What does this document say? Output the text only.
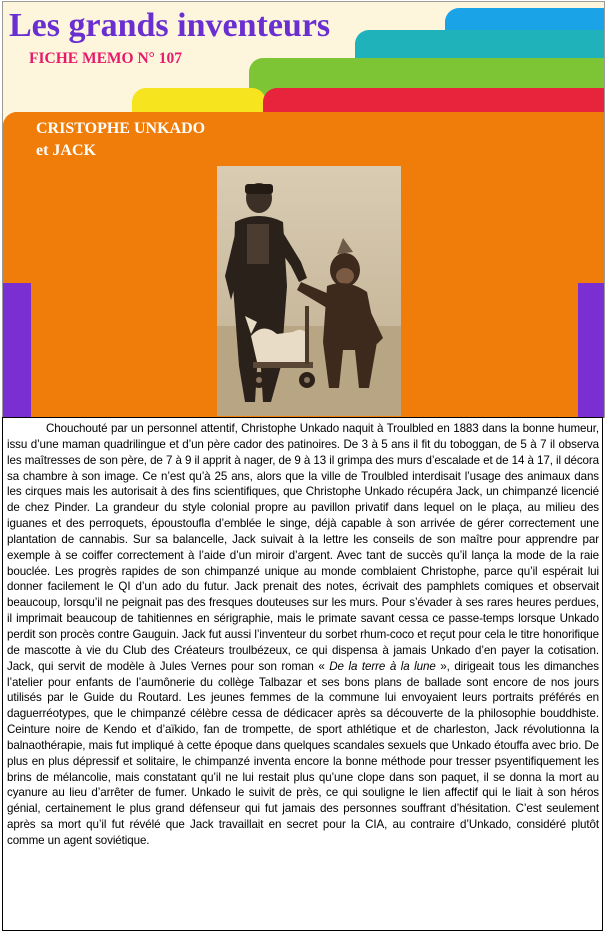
Les grands inventeurs
FICHE MEMO N° 107
CRISTOPHE UNKADO
et JACK

Chouchouté par un personnel attentif, Christophe Unkado naquit à Troulbled en 1883 dans la bonne humeur, issu d’une maman quadrilingue et d’un père cador des patinoires. De 3 à 5 ans il fit du toboggan, de 5 à 7 il observa les maîtresses de son père, de 7 à 9 il apprit à nager, de 9 à 13 il grimpa des murs d’escalade et de 14 à 17, il décora sa chambre à son image. Ce n’est qu’à 25 ans, alors que la ville de Troulbled interdisait l’usage des animaux dans les cirques mais les autorisait à des fins scientifiques, que Christophe Unkado récupéra Jack, un chimpanzé licencié de chez Pinder. La grandeur du style colonial propre au pavillon privatif dans lequel on le plaça, au milieu des iguanes et des perroquets, époustoufla d’emblée le singe, déjà capable à son arrivée de gérer correctement une plantation de cannabis. Sur sa balancelle, Jack suivait à la lettre les conseils de son maître pour apprendre par exemple à se coiffer correctement à l’aide d’un miroir d’argent. Avec tant de succès qu’il lança la mode de la raie bouclée. Les progrès rapides de son chimpanzé unique au monde comblaient Christophe, parce qu’il espérait lui donner facilement le QI d’un ado du futur. Jack prenait des notes, écrivait des pamphlets comiques et observait beaucoup, lorsqu’il ne peignait pas des fresques douteuses sur les murs. Pour s’évader à ses rares heures perdues, il imprimait beaucoup de tahitiennes en sérigraphie, mais le primate savant cessa ce passe-temps lorsque Unkado perdit son procès contre Gauguin. Jack fut aussi l’inventeur du sorbet rhum-coco et reçut pour cela le titre honorifique de mascotte à vie du Club des Créateurs troulbézeux, ce qui dispensa à jamais Unkado d’en payer la cotisation. Jack, qui servit de modèle à Jules Vernes pour son roman « De la terre à la lune », dirigeait tous les dimanches l’atelier pour enfants de l’aumônerie du collège Talbazar et ses bons plans de ballade sont encore de nos jours utilisés par le Guide du Routard. Les jeunes femmes de la commune lui envoyaient leurs portraits préférés en daguerréotypes, que le chimpanzé célèbre cessa de dédicacer après sa découverte de la philosophie bouddhiste. Ceinture noire de Kendo et d’aïkido, fan de trompette, de sport athlétique et de charleston, Jack révolutionna la balnaothérapie, mais fut impliqué à cette époque dans quelques scandales sexuels que Unkado étouffa avec brio. De plus en plus dépressif et solitaire, le chimpanzé inventa encore la bonne méthode pour tresser psyentifiquement les brins de mélancolie, mais constatant qu’il ne lui restait plus qu’une clope dans son paquet, il se donna la mort au cyanure au lieu d’arrêter de fumer. Unkado le suivit de près, ce qui souligne le lien affectif qui le liait à son héros génial, certainement le plus grand défenseur qui fut jamais des personnes souffrant d’hésitation. C’est seulement après sa mort qu’il fut révélé que Jack travaillait en secret pour la CIA, au contraire d’Unkado, considéré plutôt comme un agent soviétique.
